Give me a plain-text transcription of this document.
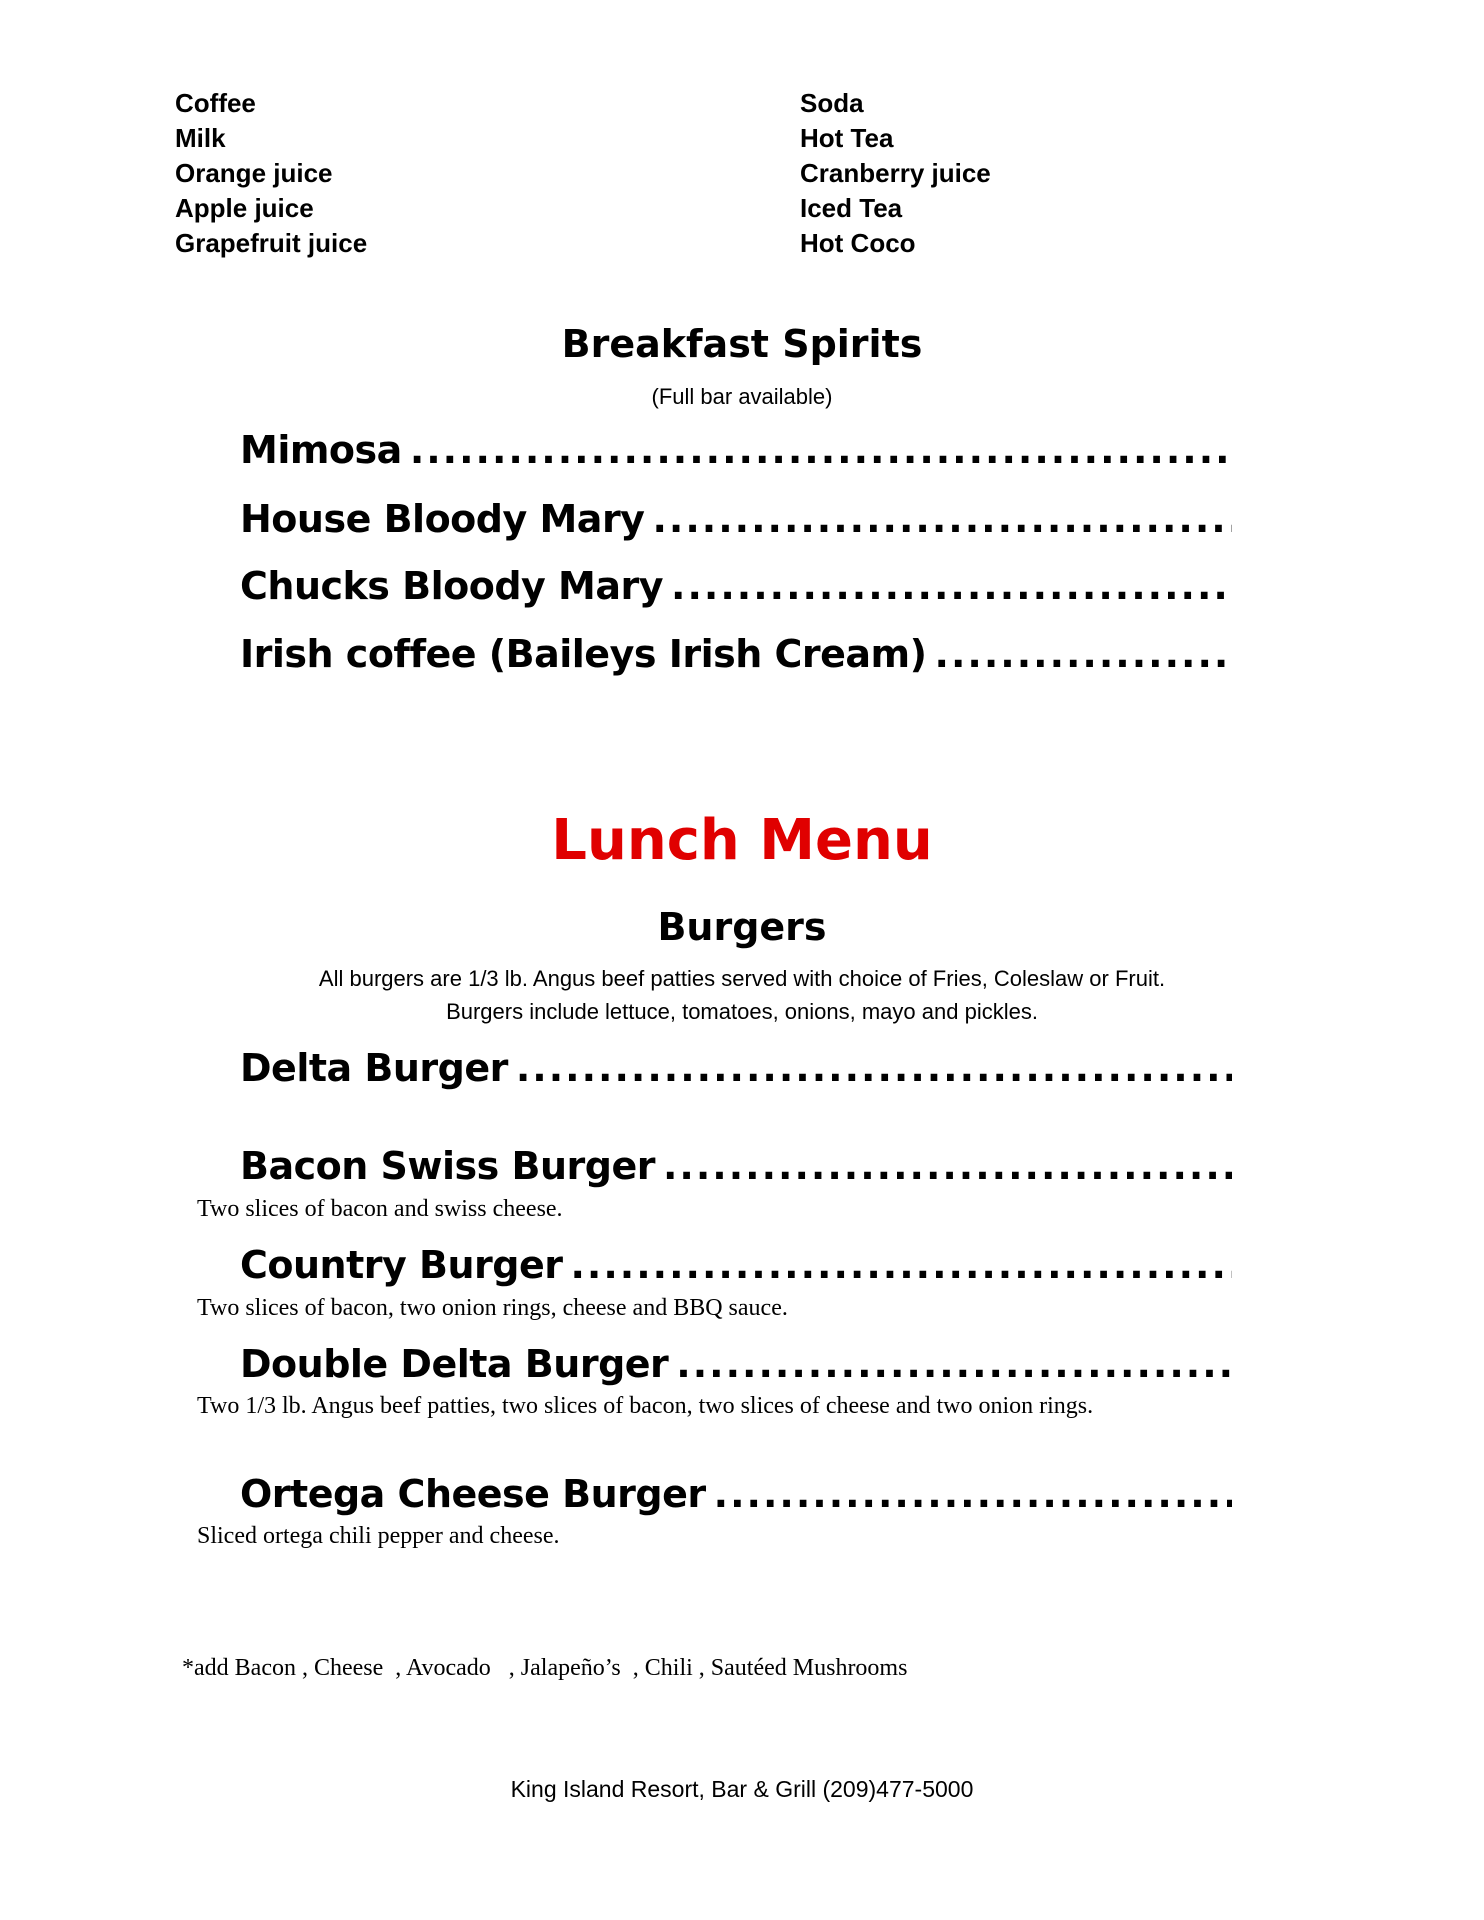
Coffee
Milk
Orange juice
Apple juice
Grapefruit juice
Soda
Hot Tea
Cranberry juice
Iced Tea
Hot Coco
Breakfast Spirits
(Full bar available)
Mimosa
.....
House Bloody Mary
.....
Chucks Bloody Mary
.....
Irish coffee (Baileys Irish Cream)
.....
Lunch Menu
Burgers
All burgers are 1/3 lb. Angus beef patties served with choice of Fries, Coleslaw or Fruit.
Burgers include lettuce, tomatoes, onions, mayo and pickles.
Delta Burger
.....
Bacon Swiss Burger
.....
Two slices of bacon and swiss cheese.
Country Burger
.....
Two slices of bacon, two onion rings, cheese and BBQ sauce.
Double Delta Burger
.....
Two 1/3 lb. Angus beef patties, two slices of bacon, two slices of cheese and two onion rings.
Ortega Cheese Burger
.....
Sliced ortega chili pepper and cheese.
*add Bacon , Cheese  , Avocado   , Jalapeño’s  , Chili , Sautéed Mushrooms
King Island Resort, Bar & Grill (209)477-5000
